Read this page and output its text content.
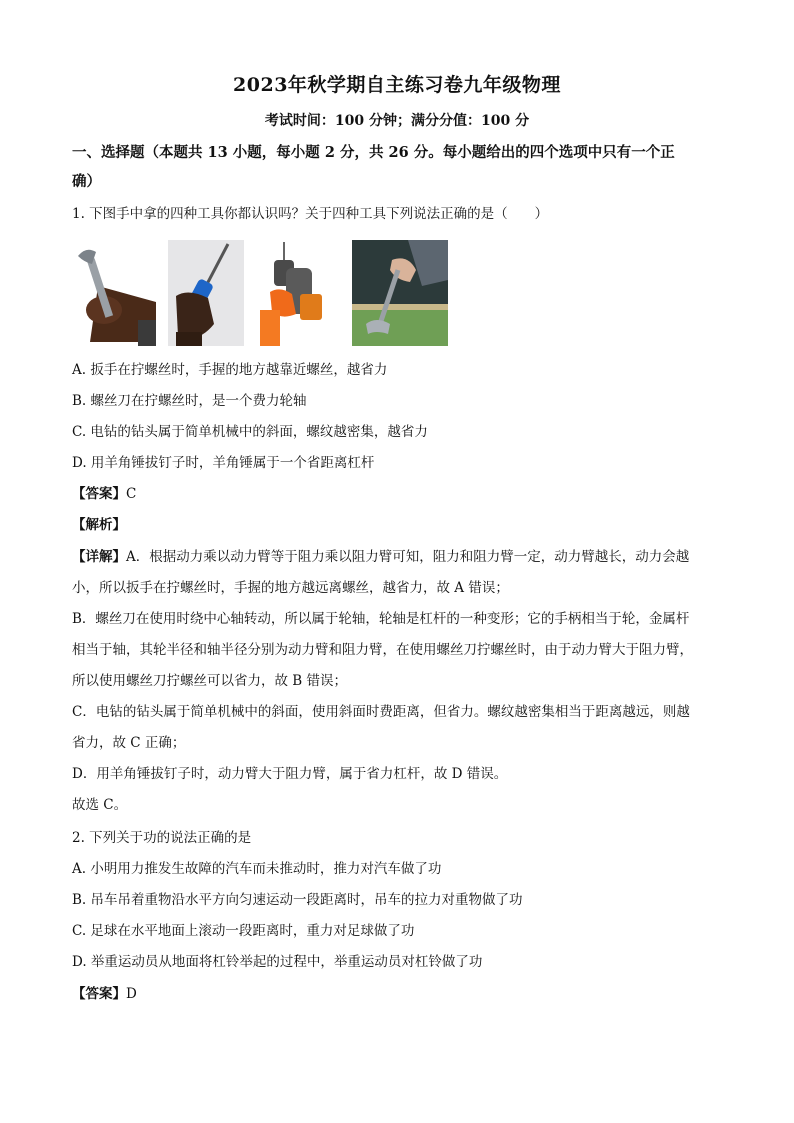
2023年秋学期自主练习卷九年级物理
考试时间：100 分钟；满分分值：100 分
一、选择题（本题共 13 小题，每小题 2 分，共 26 分。每小题给出的四个选项中只有一个正
确）
1. 下图手中拿的四种工具你都认识吗？关于四种工具下列说法正确的是（　　）
A. 扳手在拧螺丝时，手握的地方越靠近螺丝，越省力
B. 螺丝刀在拧螺丝时，是一个费力轮轴
C. 电钻的钻头属于简单机械中的斜面，螺纹越密集，越省力
D. 用羊角锤拔钉子时，羊角锤属于一个省距离杠杆
【答案】C
【解析】
【详解】A．根据动力乘以动力臂等于阻力乘以阻力臂可知，阻力和阻力臂一定，动力臂越长，动力会越
小，所以扳手在拧螺丝时，手握的地方越远离螺丝，越省力，故 A 错误；
B．螺丝刀在使用时绕中心轴转动，所以属于轮轴，轮轴是杠杆的一种变形；它的手柄相当于轮，金属杆
相当于轴，其轮半径和轴半径分别为动力臂和阻力臂，在使用螺丝刀拧螺丝时，由于动力臂大于阻力臂，
所以使用螺丝刀拧螺丝可以省力，故 B 错误；
C．电钻的钻头属于简单机械中的斜面，使用斜面时费距离，但省力。螺纹越密集相当于距离越远，则越
省力，故 C 正确；
D．用羊角锤拔钉子时，动力臂大于阻力臂，属于省力杠杆，故 D 错误。
故选 C。
2. 下列关于功的说法正确的是
A. 小明用力推发生故障的汽车而未推动时，推力对汽车做了功
B. 吊车吊着重物沿水平方向匀速运动一段距离时，吊车的拉力对重物做了功
C. 足球在水平地面上滚动一段距离时，重力对足球做了功
D. 举重运动员从地面将杠铃举起的过程中，举重运动员对杠铃做了功
【答案】D
